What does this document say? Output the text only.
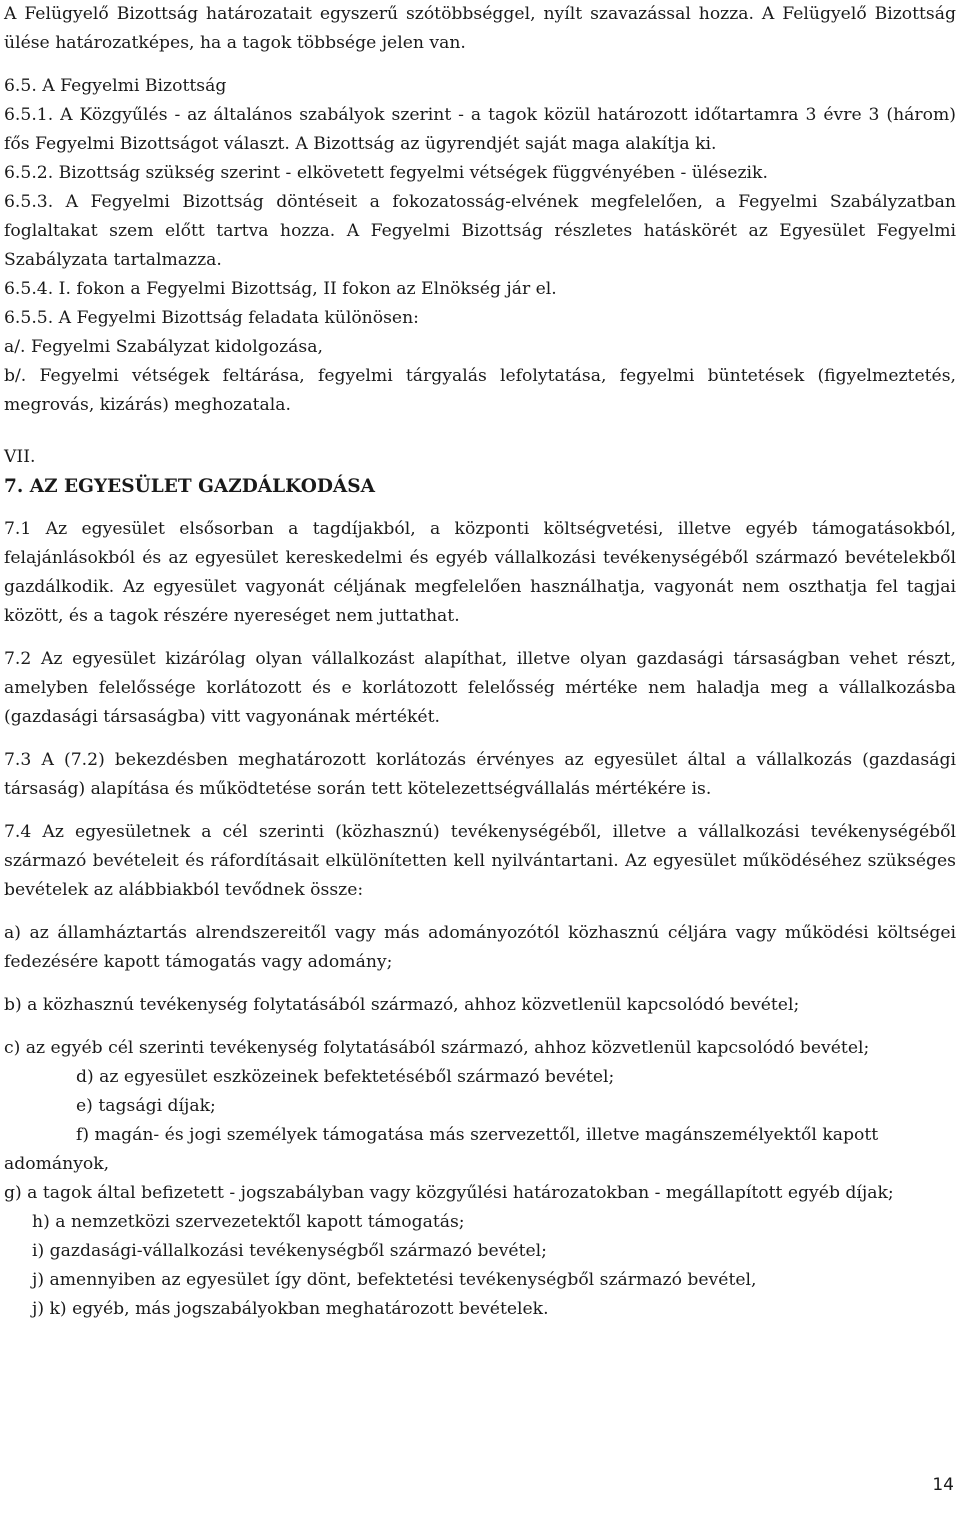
A Felügyelő Bizottság határozatait egyszerű szótöbbséggel, nyílt szavazással hozza. A Felügyelő Bizottság ülése határozatképes, ha a tagok többsége jelen van.

6.5. A Fegyelmi Bizottság

6.5.1. A Közgyűlés - az általános szabályok szerint - a tagok közül határozott időtartamra 3 évre 3 (három) fős Fegyelmi Bizottságot választ. A Bizottság az ügyrendjét saját maga alakítja ki.

6.5.2. Bizottság szükség szerint - elkövetett fegyelmi vétségek függvényében - ülésezik.

6.5.3. A Fegyelmi Bizottság döntéseit a fokozatosság-elvének megfelelően, a Fegyelmi Szabályzatban foglaltakat szem előtt tartva hozza. A Fegyelmi Bizottság részletes hatáskörét az Egyesület Fegyelmi Szabályzata tartalmazza.

6.5.4. I. fokon a Fegyelmi Bizottság, II fokon az Elnökség jár el.

6.5.5. A Fegyelmi Bizottság feladata különösen:

a/. Fegyelmi Szabályzat kidolgozása,

b/. Fegyelmi vétségek feltárása, fegyelmi tárgyalás lefolytatása, fegyelmi büntetések (figyelmeztetés, megrovás, kizárás) meghozatala.

VII.

7. AZ EGYESÜLET GAZDÁLKODÁSA

7.1 Az egyesület elsősorban a tagdíjakból, a központi költségvetési, illetve egyéb támogatásokból, felajánlásokból és az egyesület kereskedelmi és egyéb vállalkozási tevékenységéből származó bevételekből gazdálkodik. Az egyesület vagyonát céljának megfelelően használhatja, vagyonát nem oszthatja fel tagjai között, és a tagok részére nyereséget nem juttathat.

7.2 Az egyesület kizárólag olyan vállalkozást alapíthat, illetve olyan gazdasági társaságban vehet részt, amelyben felelőssége korlátozott és e korlátozott felelősség mértéke nem haladja meg a vállalkozásba (gazdasági társaságba) vitt vagyonának mértékét.

7.3 A (7.2) bekezdésben meghatározott korlátozás érvényes az egyesület által a vállalkozás (gazdasági társaság) alapítása és működtetése során tett kötelezettségvállalás mértékére is.

7.4 Az egyesületnek a cél szerinti (közhasznú) tevékenységéből, illetve a vállalkozási tevékenységéből származó bevételeit és ráfordításait elkülönítetten kell nyilvántartani. Az egyesület működéséhez szükséges bevételek az alábbiakból tevődnek össze:

a) az államháztartás alrendszereitől vagy más adományozótól közhasznú céljára vagy működési költségei fedezésére kapott támogatás vagy adomány;

b) a közhasznú tevékenység folytatásából származó, ahhoz közvetlenül kapcsolódó bevétel;

c) az egyéb cél szerinti tevékenység folytatásából származó, ahhoz közvetlenül kapcsolódó bevétel;

d) az egyesület eszközeinek befektetéséből származó bevétel;

e) tagsági díjak;

f) magán- és jogi személyek támogatása más szervezettől, illetve magánszemélyektől kapott

adományok,

g) a tagok által befizetett - jogszabályban vagy közgyűlési határozatokban - megállapított egyéb díjak;

h) a nemzetközi szervezetektől kapott támogatás;

i) gazdasági-vállalkozási tevékenységből származó bevétel;

j) amennyiben az egyesület így dönt, befektetési tevékenységből származó bevétel,

j) k) egyéb, más jogszabályokban meghatározott bevételek.

14
